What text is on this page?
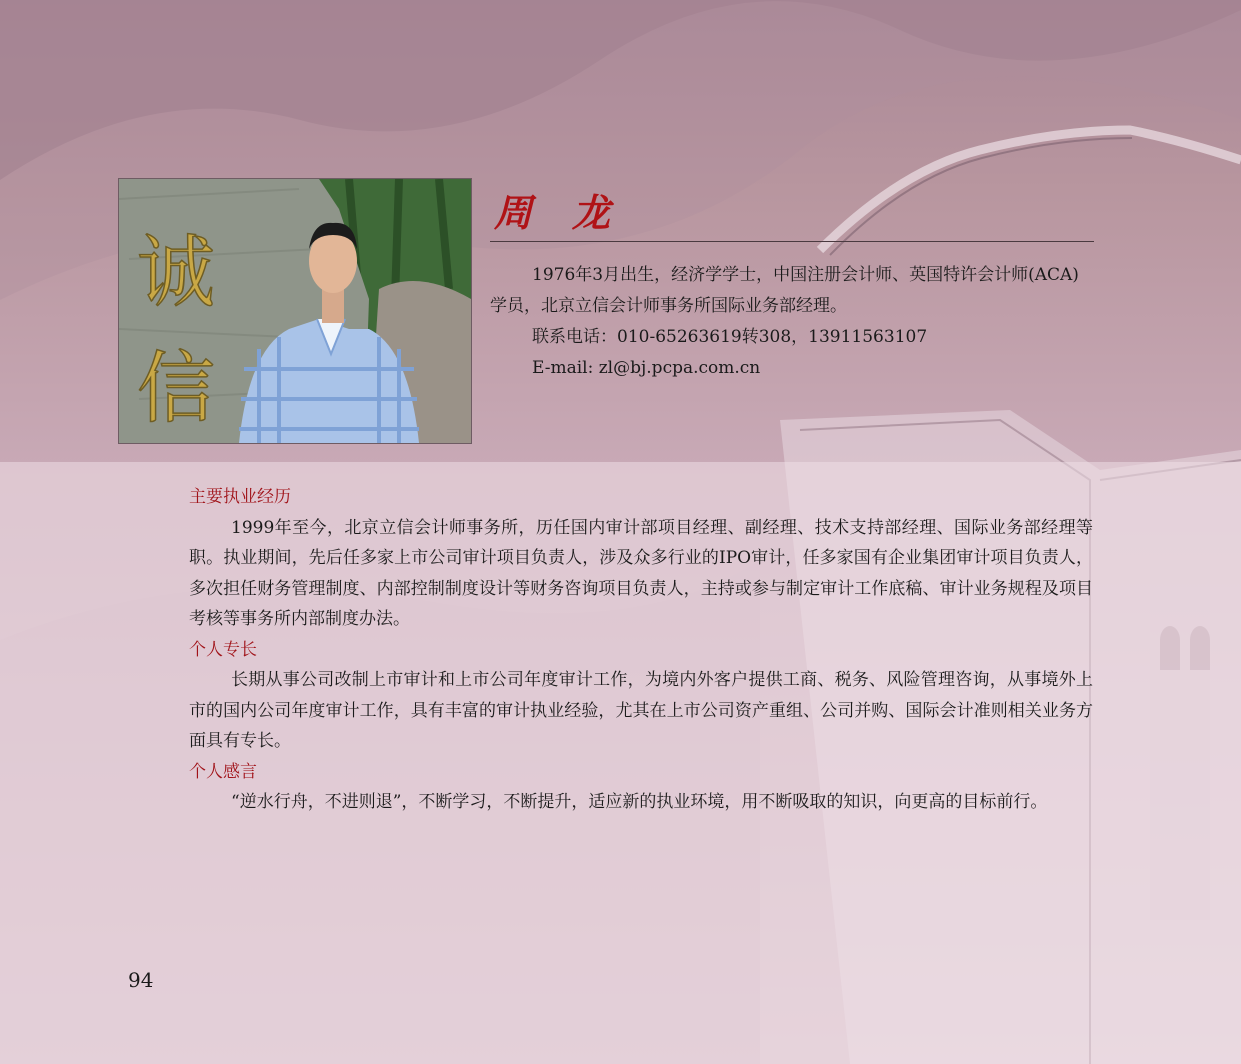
诚
信
周龙

1976年3月出生，经济学学士，中国注册会计师、英国特许会计师(ACA)学员，北京立信会计师事务所国际业务部经理。

联系电话：010-65263619转308，13911563107

E-mail: zl@bj.pcpa.com.cn

主要执业经历

1999年至今，北京立信会计师事务所，历任国内审计部项目经理、副经理、技术支持部经理、国际业务部经理等职。执业期间，先后任多家上市公司审计项目负责人，涉及众多行业的IPO审计，任多家国有企业集团审计项目负责人，多次担任财务管理制度、内部控制制度设计等财务咨询项目负责人，主持或参与制定审计工作底稿、审计业务规程及项目考核等事务所内部制度办法。

个人专长

长期从事公司改制上市审计和上市公司年度审计工作，为境内外客户提供工商、税务、风险管理咨询，从事境外上市的国内公司年度审计工作，具有丰富的审计执业经验，尤其在上市公司资产重组、公司并购、国际会计准则相关业务方面具有专长。

个人感言

“逆水行舟，不进则退”，不断学习，不断提升，适应新的执业环境，用不断吸取的知识，向更高的目标前行。

94
